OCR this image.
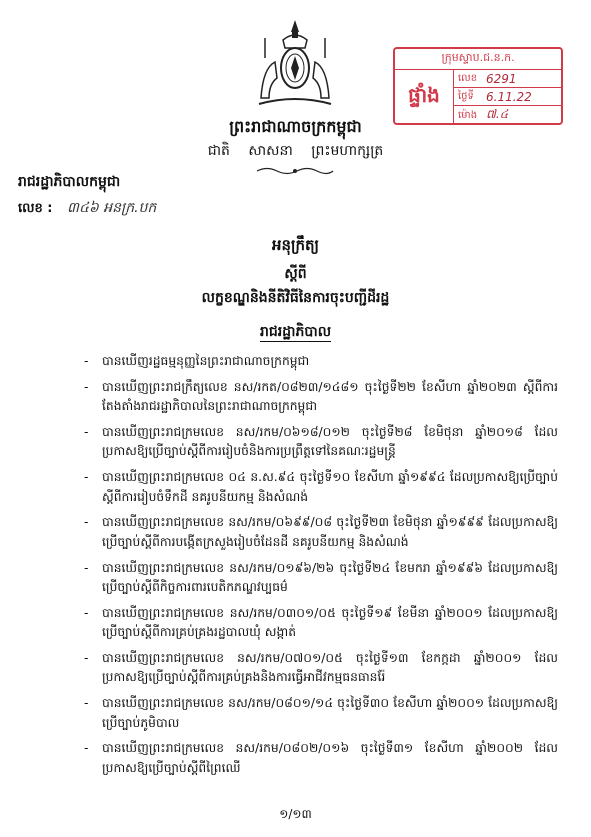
ក្រុមស្ទាប.ជ.ន.ក.
ផ្ទាំង
លេខ 6291
ថ្ងៃទី	6.11.22
ម៉ោង ៧.៤
ព្រះរាជាណាចក្រកម្ពុជា
ជាតិ សាសនា ព្រះមហាក្សត្រ
រាជរដ្ឋាភិបាលកម្ពុជា
លេខ : ៣៤៦ អនក្រ.បក
អនុក្រឹត្យ
ស្តីពី
លក្ខខណ្ឌនិងនីតិវិធីនៃការចុះបញ្ជីដីរដ្ឋ
រាជរដ្ឋាភិបាល
- បានឃើញរដ្ឋធម្មនុញ្ញនៃព្រះរាជាណាចក្រកម្ពុជា
- បានឃើញព្រះរាជក្រឹត្យលេខ នស/រកត/០៨២៣/១៤៨១ ចុះថ្ងៃទី២២ ខែសីហា ឆ្នាំ២០២៣ ស្តីពីការតែងតាំងរាជរដ្ឋាភិបាលនៃព្រះរាជាណាចក្រកម្ពុជា
- បានឃើញព្រះរាជក្រមលេខ នស/រកម/០៦១៨/០១២ ចុះថ្ងៃទី២៨ ខែមិថុនា ឆ្នាំ២០១៨ ដែលប្រកាសឱ្យប្រើច្បាប់ស្តីពីការរៀបចំនិងការប្រព្រឹត្តទៅនៃគណៈរដ្ឋមន្ត្រី
- បានឃើញព្រះរាជក្រមលេខ ០៤ ន.ស.៩៤ ចុះថ្ងៃទី១០ ខែសីហា ឆ្នាំ១៩៩៤ ដែលប្រកាសឱ្យប្រើច្បាប់ស្តីពីការរៀបចំទឹកដី នគរូបនីយកម្ម និងសំណង់
- បានឃើញព្រះរាជក្រមលេខ នស/រកម/០៦៩៩/០៨ ចុះថ្ងៃទី២៣ ខែមិថុនា ឆ្នាំ១៩៩៩ ដែលប្រកាសឱ្យប្រើច្បាប់ស្តីពីការបង្កើតក្រសួងរៀបចំដែនដី នគរូបនីយកម្ម និងសំណង់
- បានឃើញព្រះរាជក្រមលេខ នស/រកម/០១៩៦/២៦ ចុះថ្ងៃទី២៤ ខែមករា ឆ្នាំ១៩៩៦ ដែលប្រកាសឱ្យប្រើច្បាប់ស្តីពីកិច្ចការពារបេតិកភណ្ឌវប្បធម៌
- បានឃើញព្រះរាជក្រមលេខ នស/រកម/០៣០១/០៥ ចុះថ្ងៃទី១៩ ខែមីនា ឆ្នាំ២០០១ ដែលប្រកាសឱ្យប្រើច្បាប់ស្តីពីការគ្រប់គ្រងរដ្ឋបាលឃុំ សង្កាត់
- បានឃើញព្រះរាជក្រមលេខ នស/រកម/០៧០១/០៥ ចុះថ្ងៃទី១៣ ខែកក្កដា ឆ្នាំ២០០១ ដែលប្រកាសឱ្យប្រើច្បាប់ស្តីពីការគ្រប់គ្រងនិងការធ្វើអាជីវកម្មធនធានរ៉ែ
- បានឃើញព្រះរាជក្រមលេខ នស/រកម/០៨០១/១៤ ចុះថ្ងៃទី៣០ ខែសីហា ឆ្នាំ២០០១ ដែលប្រកាសឱ្យប្រើច្បាប់ភូមិបាល
- បានឃើញព្រះរាជក្រមលេខ នស/រកម/០៨០២/០១៦ ចុះថ្ងៃទី៣១ ខែសីហា ឆ្នាំ២០០២ ដែលប្រកាសឱ្យប្រើច្បាប់ស្តីពីព្រៃឈើ
១/១៣
